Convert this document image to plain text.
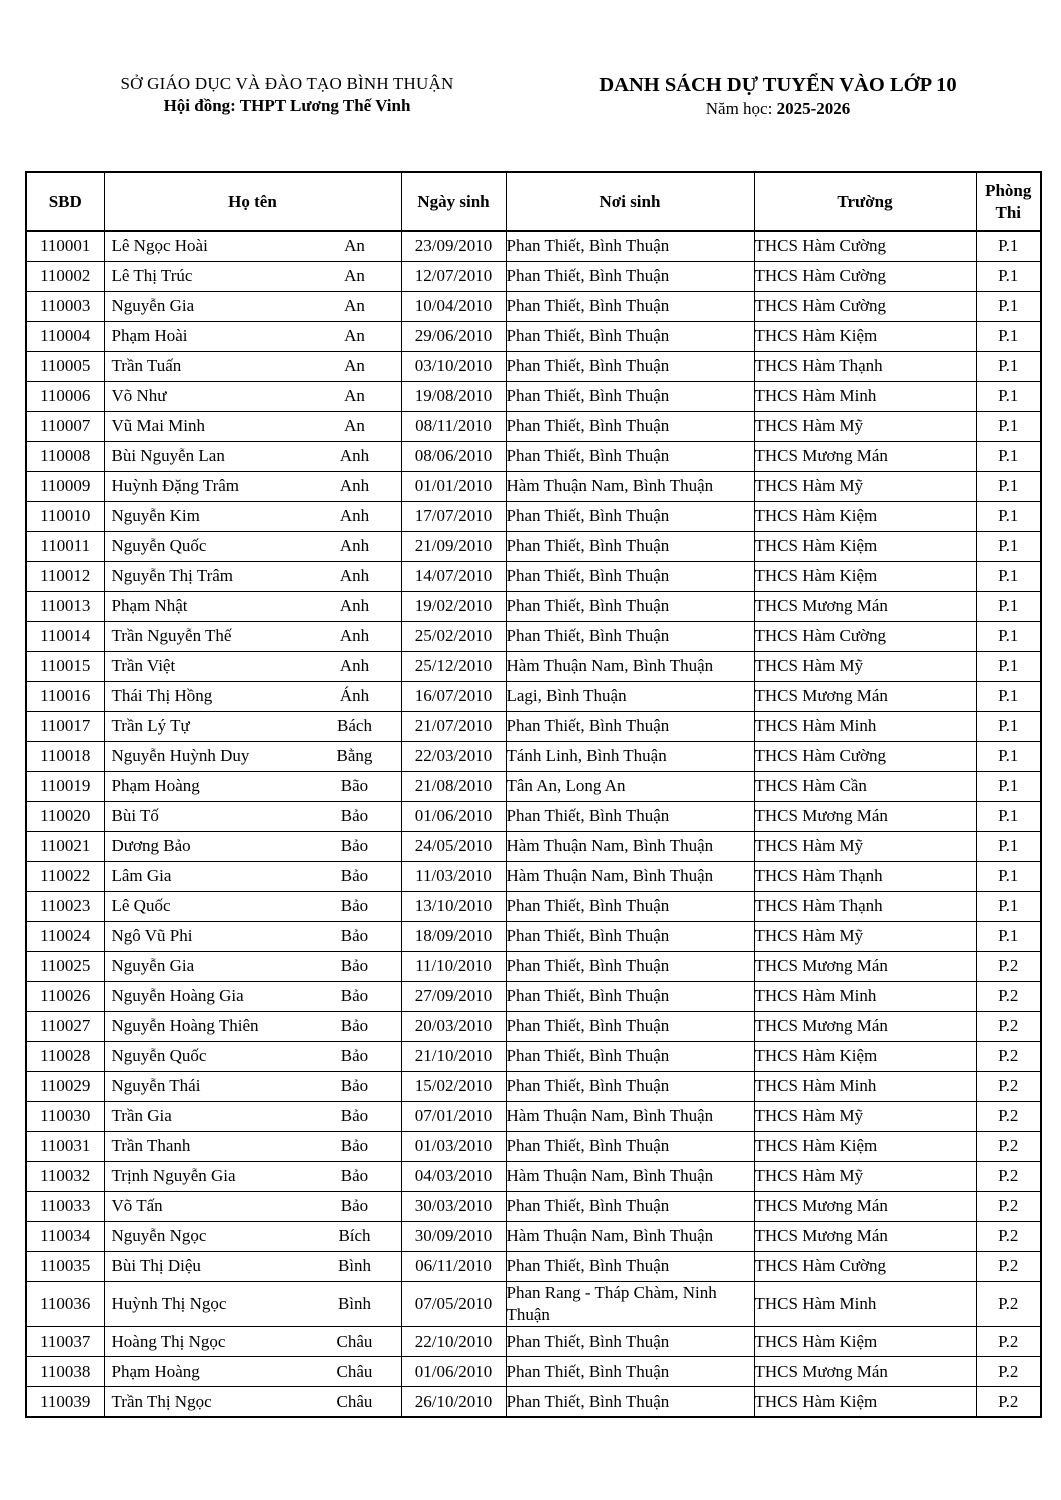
SỞ GIÁO DỤC VÀ ĐÀO TẠO BÌNH THUẬN
Hội đồng: THPT Lương Thế Vinh
DANH SÁCH DỰ TUYỂN VÀO LỚP 10
Năm học: 2025-2026
SBD	Họ tên	Ngày sinh	Nơi sinh	Trường	Phòng Thi
110001	Lê Ngọc Hoài An	23/09/2010	Phan Thiết, Bình Thuận	THCS Hàm Cường	P.1
110002	Lê Thị Trúc An	12/07/2010	Phan Thiết, Bình Thuận	THCS Hàm Cường	P.1
110003	Nguyễn Gia An	10/04/2010	Phan Thiết, Bình Thuận	THCS Hàm Cường	P.1
110004	Phạm Hoài An	29/06/2010	Phan Thiết, Bình Thuận	THCS Hàm Kiệm	P.1
110005	Trần Tuấn An	03/10/2010	Phan Thiết, Bình Thuận	THCS Hàm Thạnh	P.1
110006	Võ Như An	19/08/2010	Phan Thiết, Bình Thuận	THCS Hàm Minh	P.1
110007	Vũ Mai Minh An	08/11/2010	Phan Thiết, Bình Thuận	THCS Hàm Mỹ	P.1
110008	Bùi Nguyễn Lan Anh	08/06/2010	Phan Thiết, Bình Thuận	THCS Mương Mán	P.1
110009	Huỳnh Đặng Trâm Anh	01/01/2010	Hàm Thuận Nam, Bình Thuận	THCS Hàm Mỹ	P.1
110010	Nguyễn Kim Anh	17/07/2010	Phan Thiết, Bình Thuận	THCS Hàm Kiệm	P.1
110011	Nguyễn Quốc Anh	21/09/2010	Phan Thiết, Bình Thuận	THCS Hàm Kiệm	P.1
110012	Nguyễn Thị Trâm Anh	14/07/2010	Phan Thiết, Bình Thuận	THCS Hàm Kiệm	P.1
110013	Phạm Nhật Anh	19/02/2010	Phan Thiết, Bình Thuận	THCS Mương Mán	P.1
110014	Trần Nguyễn Thế Anh	25/02/2010	Phan Thiết, Bình Thuận	THCS Hàm Cường	P.1
110015	Trần Việt Anh	25/12/2010	Hàm Thuận Nam, Bình Thuận	THCS Hàm Mỹ	P.1
110016	Thái Thị Hồng Ánh	16/07/2010	Lagi, Bình Thuận	THCS Mương Mán	P.1
110017	Trần Lý Tự Bách	21/07/2010	Phan Thiết, Bình Thuận	THCS Hàm Minh	P.1
110018	Nguyễn Huỳnh Duy Bằng	22/03/2010	Tánh Linh, Bình Thuận	THCS Hàm Cường	P.1
110019	Phạm Hoàng Bão	21/08/2010	Tân An, Long An	THCS Hàm Cần	P.1
110020	Bùi Tố Bảo	01/06/2010	Phan Thiết, Bình Thuận	THCS Mương Mán	P.1
110021	Dương Bảo Bảo	24/05/2010	Hàm Thuận Nam, Bình Thuận	THCS Hàm Mỹ	P.1
110022	Lâm Gia Bảo	11/03/2010	Hàm Thuận Nam, Bình Thuận	THCS Hàm Thạnh	P.1
110023	Lê Quốc Bảo	13/10/2010	Phan Thiết, Bình Thuận	THCS Hàm Thạnh	P.1
110024	Ngô Vũ Phi Bảo	18/09/2010	Phan Thiết, Bình Thuận	THCS Hàm Mỹ	P.1
110025	Nguyễn Gia Bảo	11/10/2010	Phan Thiết, Bình Thuận	THCS Mương Mán	P.2
110026	Nguyễn Hoàng Gia Bảo	27/09/2010	Phan Thiết, Bình Thuận	THCS Hàm Minh	P.2
110027	Nguyễn Hoàng Thiên Bảo	20/03/2010	Phan Thiết, Bình Thuận	THCS Mương Mán	P.2
110028	Nguyễn Quốc Bảo	21/10/2010	Phan Thiết, Bình Thuận	THCS Hàm Kiệm	P.2
110029	Nguyễn Thái Bảo	15/02/2010	Phan Thiết, Bình Thuận	THCS Hàm Minh	P.2
110030	Trần Gia Bảo	07/01/2010	Hàm Thuận Nam, Bình Thuận	THCS Hàm Mỹ	P.2
110031	Trần Thanh Bảo	01/03/2010	Phan Thiết, Bình Thuận	THCS Hàm Kiệm	P.2
110032	Trịnh Nguyễn Gia Bảo	04/03/2010	Hàm Thuận Nam, Bình Thuận	THCS Hàm Mỹ	P.2
110033	Võ Tấn Bảo	30/03/2010	Phan Thiết, Bình Thuận	THCS Mương Mán	P.2
110034	Nguyễn Ngọc Bích	30/09/2010	Hàm Thuận Nam, Bình Thuận	THCS Mương Mán	P.2
110035	Bùi Thị Diệu Bình	06/11/2010	Phan Thiết, Bình Thuận	THCS Hàm Cường	P.2
110036	Huỳnh Thị Ngọc Bình	07/05/2010	Phan Rang - Tháp Chàm, Ninh Thuận	THCS Hàm Minh	P.2
110037	Hoàng Thị Ngọc Châu	22/10/2010	Phan Thiết, Bình Thuận	THCS Hàm Kiệm	P.2
110038	Phạm Hoàng Châu	01/06/2010	Phan Thiết, Bình Thuận	THCS Mương Mán	P.2
110039	Trần Thị Ngọc Châu	26/10/2010	Phan Thiết, Bình Thuận	THCS Hàm Kiệm	P.2
